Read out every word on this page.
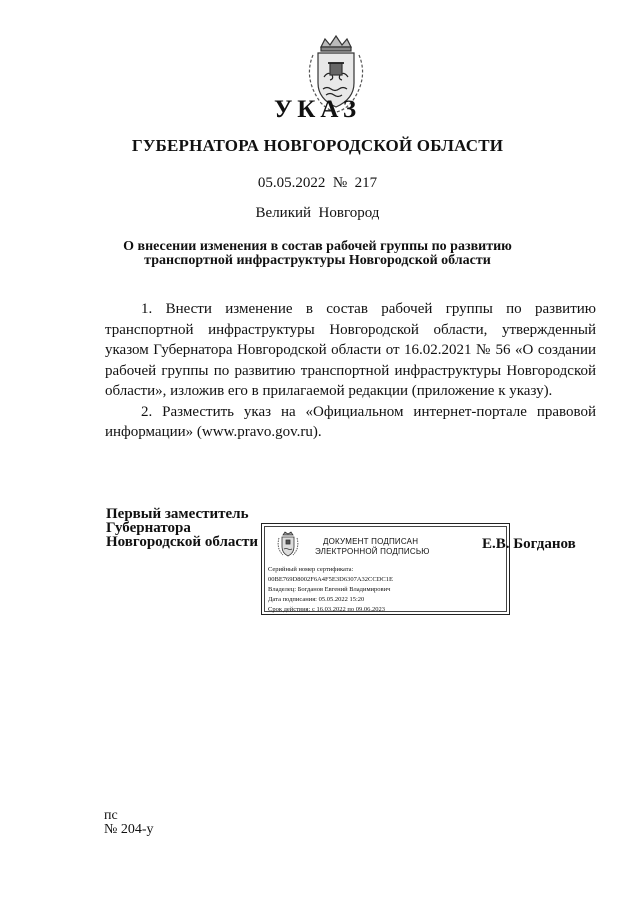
УКАЗ
ГУБЕРНАТОРА НОВГОРОДСКОЙ ОБЛАСТИ
05.05.2022  №  217
Великий  Новгород
О внесении изменения в состав рабочей группы по развитию
транспортной инфраструктуры Новгородской области

1. Внести изменение в состав рабочей группы по развитию транспортной инфраструктуры Новгородской области, утвержденный указом Губернатора Новгородской области от 16.02.2021 № 56 «О создании рабочей группы по развитию транспортной инфраструктуры Новгородской области», изложив его в прилагаемой редакции (приложение к указу).

2. Разместить указ на «Официальном интернет-портале правовой информации» (www.pravo.gov.ru).

Первый заместитель
Губернатора
Новгородской области	ДОКУМЕНТ ПОДПИСАН
ЭЛЕКТРОННОЙ ПОДПИСЬЮ
Серийный номер сертификата:
00BE769D8002F6A4F5E3D6307A32CCDC1E
Владелец: Богданов Евгений Владимирович
Дата подписания: 05.05.2022 15:20
Срок действия: с 16.03.2022 по 09.06.2023
Е.В. Богданов
пс
№ 204-у
